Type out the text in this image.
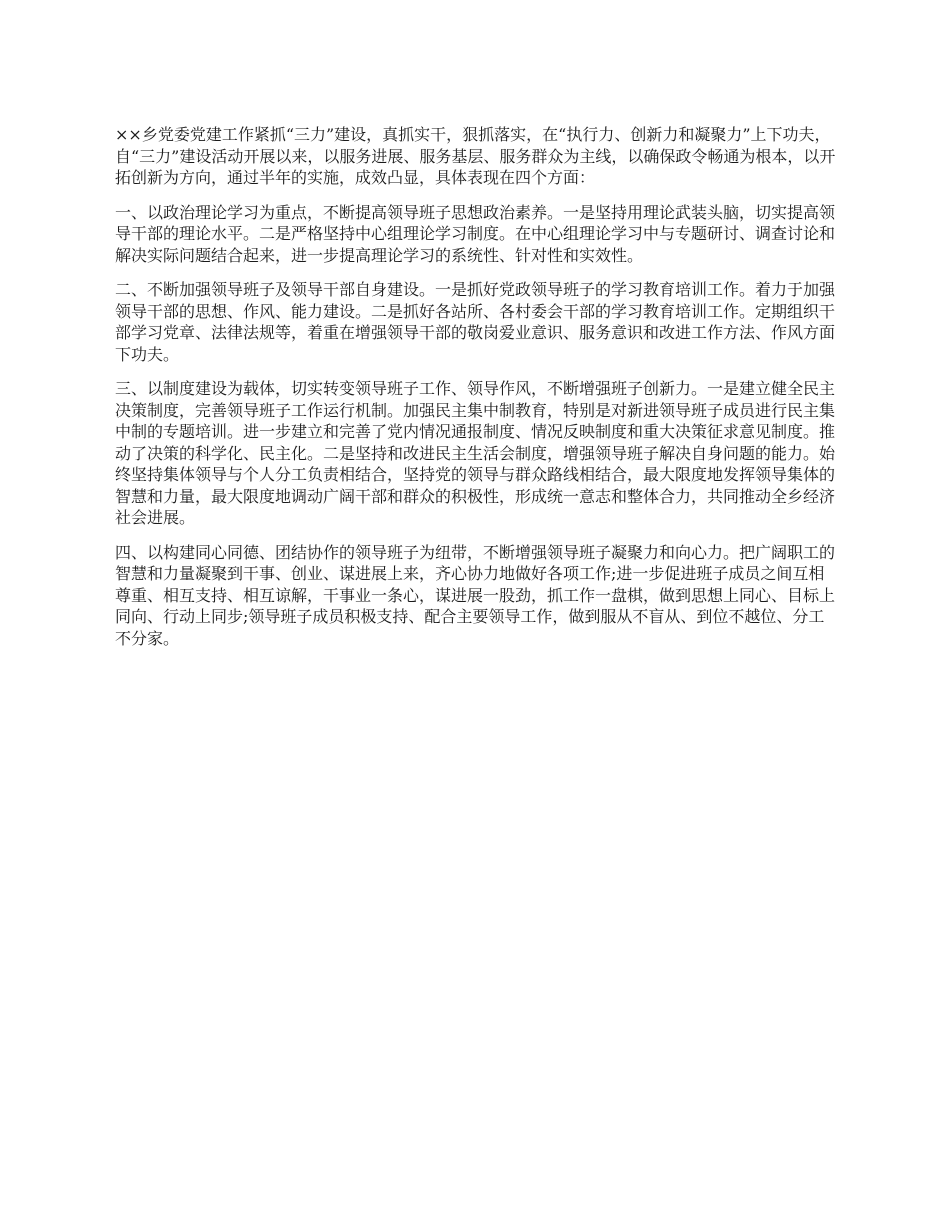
××乡党委党建工作紧抓“三力”建设，真抓实干，狠抓落实，在“执行力、创新力和凝聚力”上下功夫，自“三力”建设活动开展以来，以服务进展、服务基层、服务群众为主线，以确保政令畅通为根本，以开拓创新为方向，通过半年的实施，成效凸显，具体表现在四个方面：

一、以政治理论学习为重点，不断提高领导班子思想政治素养。一是坚持用理论武装头脑，切实提高领导干部的理论水平。二是严格坚持中心组理论学习制度。在中心组理论学习中与专题研讨、调查讨论和解决实际问题结合起来，进一步提高理论学习的系统性、针对性和实效性。

二、不断加强领导班子及领导干部自身建设。一是抓好党政领导班子的学习教育培训工作。着力于加强领导干部的思想、作风、能力建设。二是抓好各站所、各村委会干部的学习教育培训工作。定期组织干部学习党章、法律法规等，着重在增强领导干部的敬岗爱业意识、服务意识和改进工作方法、作风方面下功夫。

三、以制度建设为载体，切实转变领导班子工作、领导作风，不断增强班子创新力。一是建立健全民主决策制度，完善领导班子工作运行机制。加强民主集中制教育，特别是对新进领导班子成员进行民主集中制的专题培训。进一步建立和完善了党内情况通报制度、情况反映制度和重大决策征求意见制度。推动了决策的科学化、民主化。二是坚持和改进民主生活会制度，增强领导班子解决自身问题的能力。始终坚持集体领导与个人分工负责相结合，坚持党的领导与群众路线相结合，最大限度地发挥领导集体的智慧和力量，最大限度地调动广阔干部和群众的积极性，形成统一意志和整体合力，共同推动全乡经济社会进展。

四、以构建同心同德、团结协作的领导班子为纽带，不断增强领导班子凝聚力和向心力。把广阔职工的智慧和力量凝聚到干事、创业、谋进展上来，齐心协力地做好各项工作;进一步促进班子成员之间互相尊重、相互支持、相互谅解，干事业一条心，谋进展一股劲，抓工作一盘棋，做到思想上同心、目标上同向、行动上同步;领导班子成员积极支持、配合主要领导工作，做到服从不盲从、到位不越位、分工不分家。
